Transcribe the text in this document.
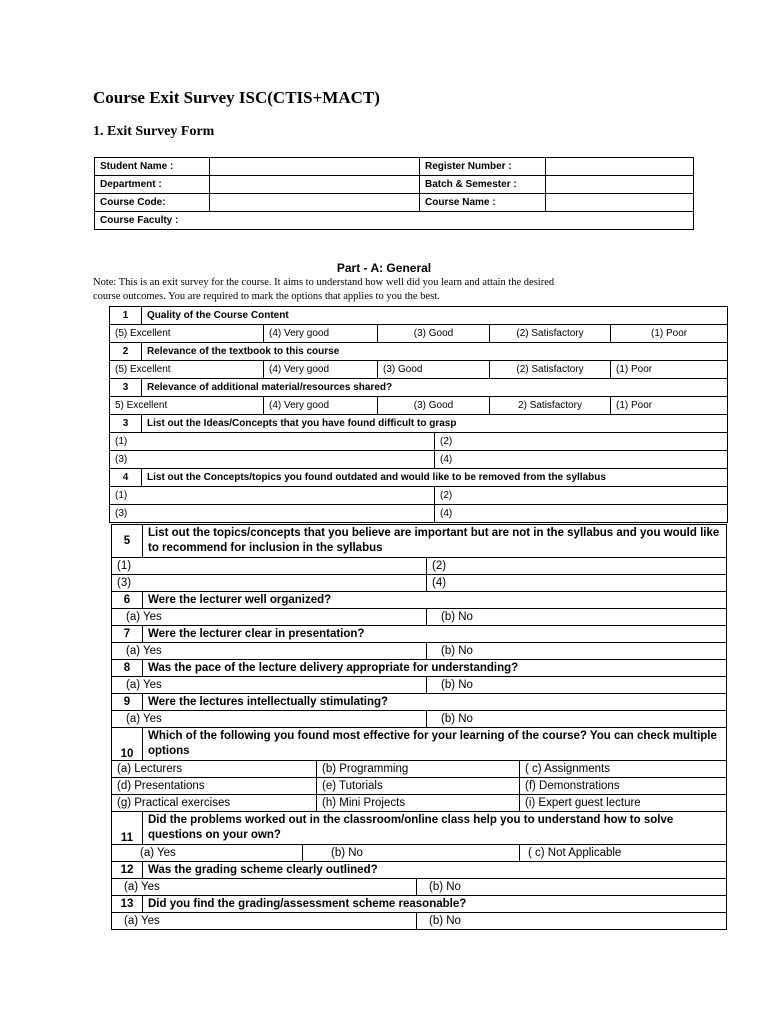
Course Exit Survey ISC(CTIS+MACT)
1. Exit Survey Form
Student Name :		Register Number :	
Department :		Batch & Semester :	
Course Code:		Course Name :	
Course Faculty :			
Part - A: General
Note: This is an exit survey for the course. It aims to understand how well did you learn and attain the desired
course outcomes. You are required to mark the options that applies to you the best.
1	Quality of the Course Content					
(5) Excellent		(4) Very good	(3) Good		(2) Satisfactory	(1) Poor
2	Relevance of the textbook to this course					
(5) Excellent		(4) Very good	(3) Good		(2) Satisfactory	(1) Poor
3	Relevance of additional material/resources shared?					
5) Excellent		(4) Very good	(3) Good		2) Satisfactory	(1) Poor
3	List out the Ideas/Concepts that you have found difficult to grasp					
(1)				(2)		
(3)				(4)		
4	List out the Concepts/topics you found outdated and would like to be removed from the syllabus					
(1)				(2)		
(3)				(4)		
5	List out the topics/concepts that you believe are important but are not in the syllabus and you would like to recommend for inclusion in the syllabus					
(1)					(2)	
(3)					(4)	
6	Were the lecturer well organized?					
(a) Yes					(b) No	
7	Were the lecturer clear in presentation?					
(a) Yes					(b) No	
8	Was the pace of the lecture delivery appropriate for understanding?					
(a) Yes					(b) No	
9	Were the lectures intellectually stimulating?					
(a) Yes					(b) No	
10	Which of the following you found most effective for your learning of the course? You can check multiple options					
(a) Lecturers			(b) Programming			( c) Assignments
(d) Presentations			(e) Tutorials			(f) Demonstrations
(g) Practical exercises			(h) Mini Projects			(i) Expert guest lecture
11	Did the problems worked out in the classroom/online class help you to understand how to solve questions on your own?					
(a) Yes		(b) No				( c) Not Applicable
12	Was the grading scheme clearly outlined?					
(a) Yes				(b) No		
13	Did you find the grading/assessment scheme reasonable?					
(a) Yes				(b) No		
